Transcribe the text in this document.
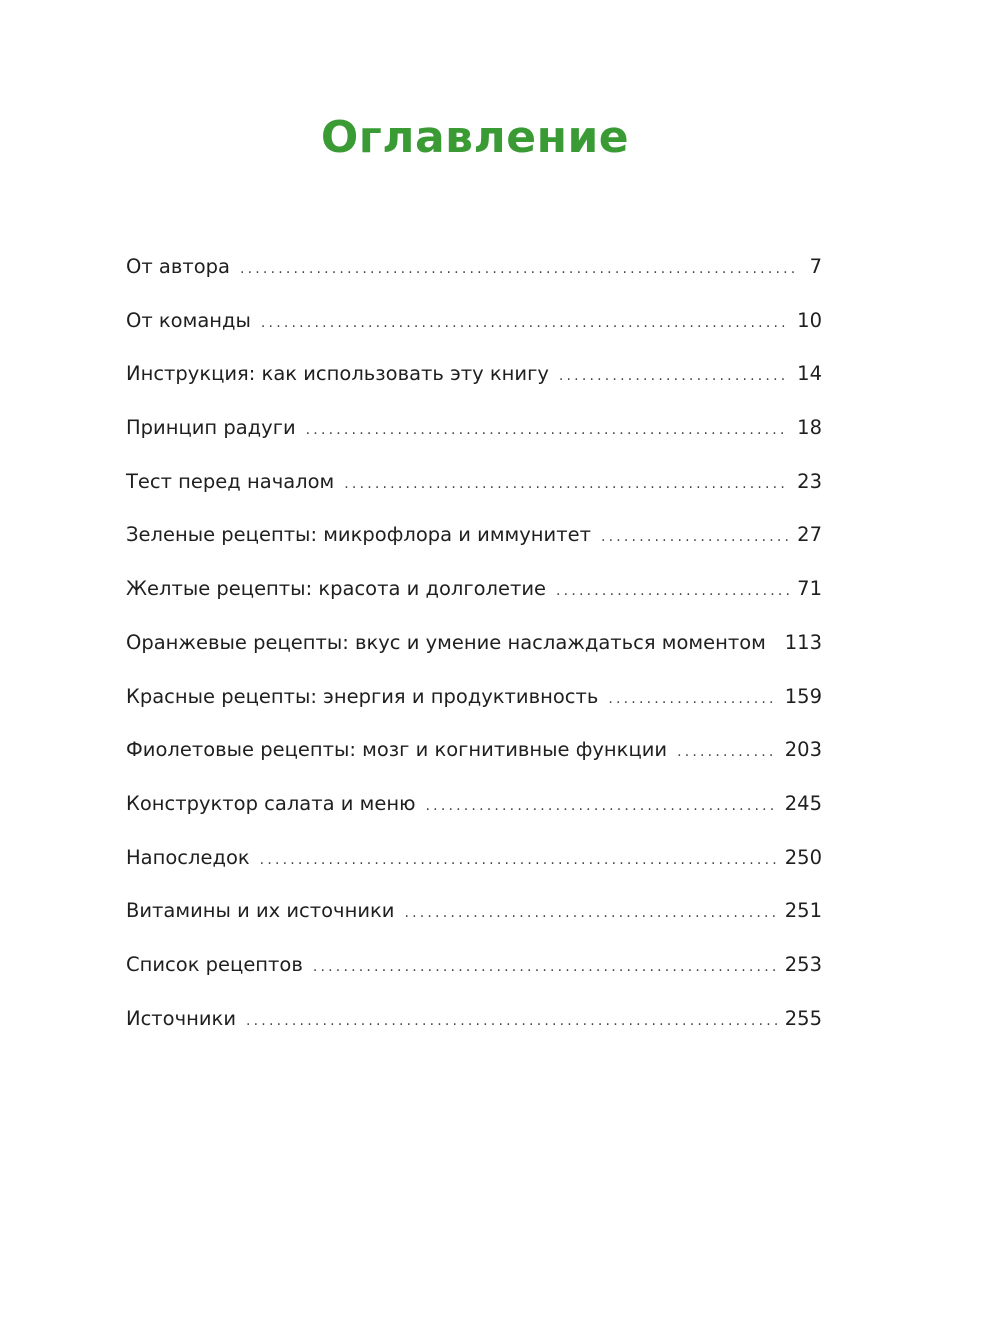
Оглавление
От автора .....	7
От команды .....	10
Инструкция: как использовать эту книгу .....	14
Принцип радуги .....	18
Тест перед началом .....	23
Зеленые рецепты: микрофлора и иммунитет .....	27
Желтые рецепты: красота и долголетие .....	71
Оранжевые рецепты: вкус и умение наслаждаться моментом ..... 113
Красные рецепты: энергия и продуктивность .....	159
Фиолетовые рецепты: мозг и когнитивные функции .....	203
Конструктор салата и меню .....	245
Напоследок .....	250
Витамины и их источники .....	251
Список рецептов .....	253
Источники .....	255
